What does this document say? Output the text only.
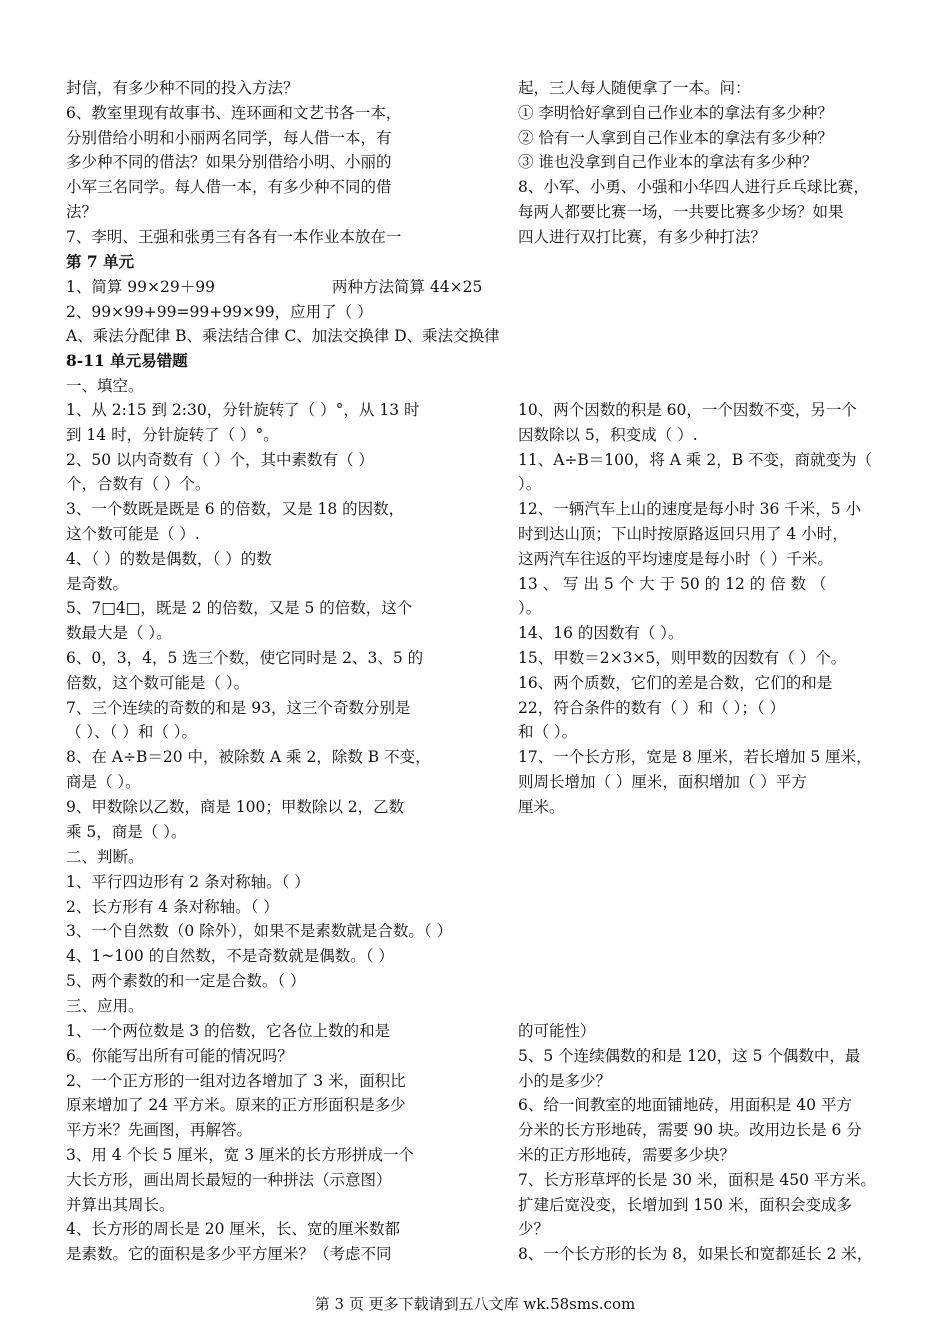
封信，有多少种不同的投入方法？
6、教室里现有故事书、连环画和文艺书各一本，
分别借给小明和小丽两名同学，每人借一本，有
多少种不同的借法？如果分别借给小明、小丽的
小军三名同学。每人借一本，有多少种不同的借
法？
7、李明、王强和张勇三有各有一本作业本放在一
起，三人每人随便拿了一本。问：
① 李明恰好拿到自己作业本的拿法有多少种？
② 恰有一人拿到自己作业本的拿法有多少种？
③ 谁也没拿到自己作业本的拿法有多少种？
8、小军、小勇、小强和小华四人进行乒乓球比赛，
每两人都要比赛一场，一共要比赛多少场？如果
四人进行双打比赛，有多少种打法？
第 7 单元
1、简算 99×29＋99	两种方法简算 44×25
2、99×99+99=99+99×99，应用了（ ）
A、乘法分配律 B、乘法结合律 C、加法交换律 D、乘法交换律
8-11 单元易错题
一、填空。
1、从 2:15 到 2:30，分针旋转了（ ）°，从 13 时
到 14 时，分针旋转了（ ）°。
2、50 以内奇数有（ ）个，其中素数有（ ）
个，合数有（ ）个。
3、一个数既是既是 6 的倍数，又是 18 的因数，
这个数可能是（ ）.
4、（ ）的数是偶数，（ ）的数
是奇数。
5、7□4□，既是 2 的倍数，又是 5 的倍数，这个
数最大是（ ）。
6、0，3，4，5 选三个数，使它同时是 2、3、5 的
倍数，这个数可能是（ ）。
7、三个连续的奇数的和是 93，这三个奇数分别是
（ ）、（ ）和（ ）。
8、在 A÷B＝20 中，被除数 A 乘 2，除数 B 不变，
商是（ ）。
9、甲数除以乙数，商是 100；甲数除以 2，乙数
乘 5，商是（ ）。
10、两个因数的积是 60，一个因数不变，另一个
因数除以 5，积变成（ ）.
11、A÷B＝100，将 A 乘 2，B 不变，商就变为（
）。
12、一辆汽车上山的速度是每小时 36 千米，5 小
时到达山顶；下山时按原路返回只用了 4 小时，
这两汽车往返的平均速度是每小时（ ）千米。
13 、 写 出 5 个 大 于 50 的 12 的 倍 数 （
）。
14、16 的因数有（ ）。
15、甲数＝2×3×5，则甲数的因数有（ ）个。
16、两个质数，它们的差是合数，它们的和是
22，符合条件的数有（ ）和（ ）；（ ）
和（ ）。
17、一个长方形，宽是 8 厘米，若长增加 5 厘米，
则周长增加（ ）厘米，面积增加（ ）平方
厘米。
二、判断。
1、平行四边形有 2 条对称轴。（ ）
2、长方形有 4 条对称轴。（ ）
3、一个自然数（0 除外），如果不是素数就是合数。（ ）
4、1~100 的自然数，不是奇数就是偶数。（ ）
5、两个素数的和一定是合数。（ ）
三、应用。
1、一个两位数是 3 的倍数，它各位上数的和是
6。你能写出所有可能的情况吗？
2、一个正方形的一组对边各增加了 3 米，面积比
原来增加了 24 平方米。原来的正方形面积是多少
平方米？先画图，再解答。
3、用 4 个长 5 厘米，宽 3 厘米的长方形拼成一个
大长方形，画出周长最短的一种拼法（示意图）
并算出其周长。
4、长方形的周长是 20 厘米，长、宽的厘米数都
是素数。它的面积是多少平方厘米？（考虑不同
的可能性）
5、5 个连续偶数的和是 120，这 5 个偶数中，最
小的是多少？
6、给一间教室的地面铺地砖，用面积是 40 平方
分米的长方形地砖，需要 90 块。改用边长是 6 分
米的正方形地砖，需要多少块？
7、长方形草坪的长是 30 米，面积是 450 平方米。
扩建后宽没变，长增加到 150 米，面积会变成多
少？
8、一个长方形的长为 8，如果长和宽都延长 2 米，
第 3 页 更多下载请到五八文库 wk.58sms.com
